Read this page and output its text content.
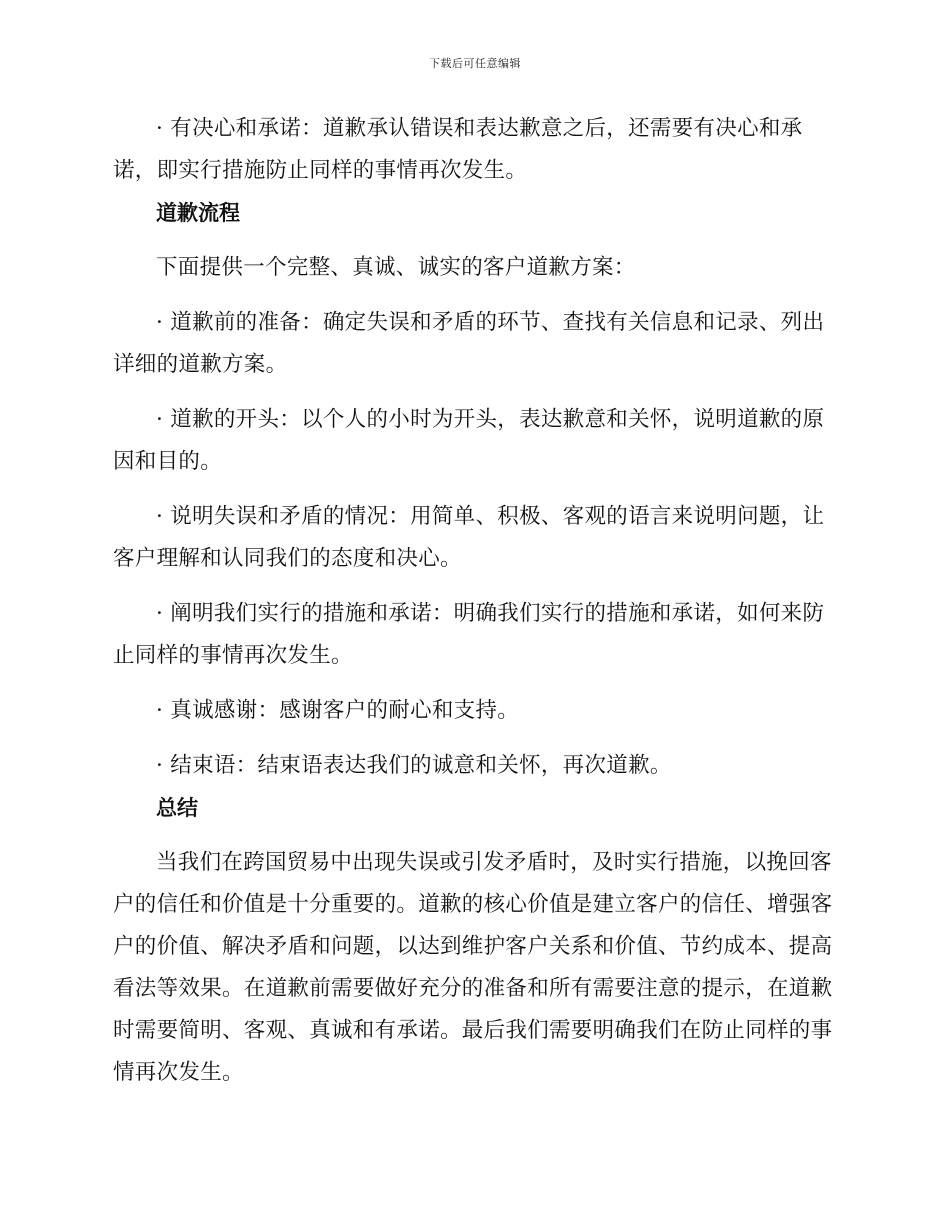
下载后可任意编辑

· 有决心和承诺：道歉承认错误和表达歉意之后，还需要有决心和承诺，即实行措施防止同样的事情再次发生。

道歉流程

下面提供一个完整、真诚、诚实的客户道歉方案：

· 道歉前的准备：确定失误和矛盾的环节、查找有关信息和记录、列出详细的道歉方案。

· 道歉的开头：以个人的小时为开头，表达歉意和关怀，说明道歉的原因和目的。

· 说明失误和矛盾的情况：用简单、积极、客观的语言来说明问题，让客户理解和认同我们的态度和决心。

· 阐明我们实行的措施和承诺：明确我们实行的措施和承诺，如何来防止同样的事情再次发生。

· 真诚感谢：感谢客户的耐心和支持。

· 结束语：结束语表达我们的诚意和关怀，再次道歉。

总结

当我们在跨国贸易中出现失误或引发矛盾时，及时实行措施，以挽回客户的信任和价值是十分重要的。道歉的核心价值是建立客户的信任、增强客户的价值、解决矛盾和问题，以达到维护客户关系和价值、节约成本、提高看法等效果。在道歉前需要做好充分的准备和所有需要注意的提示，在道歉时需要简明、客观、真诚和有承诺。最后我们需要明确我们在防止同样的事情再次发生。
